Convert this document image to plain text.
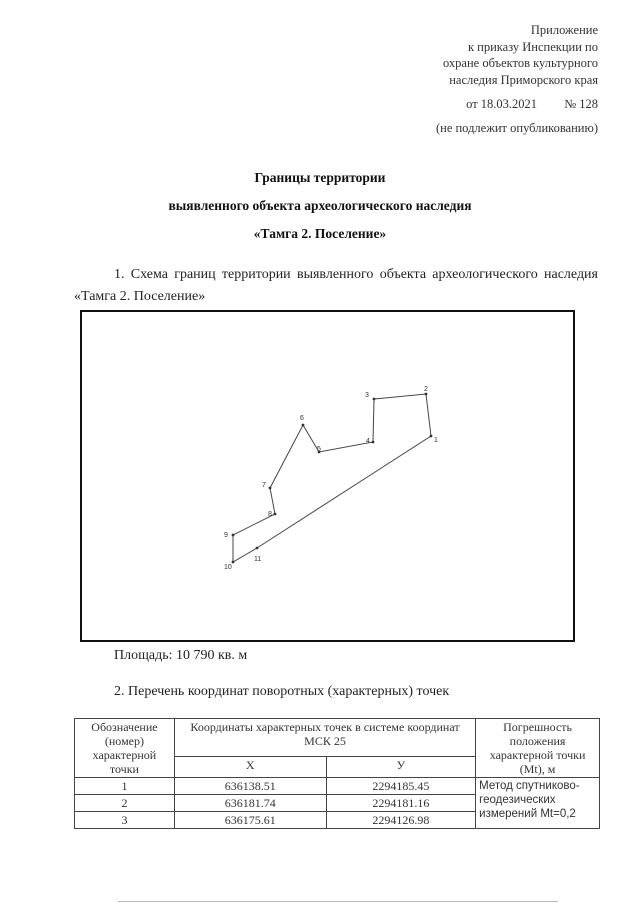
Приложение
к приказу Инспекции по
охране объектов культурного
наследия Приморского края
от 18.03.2021 № 128
(не подлежит опубликованию)
Границы территории
выявленного объекта археологического наследия
«Тамга 2. Поселение»
1. Схема границ территории выявленного объекта археологического наследия «Тамга 2. Поселение»
1
2
3
4
5
6
7
8
9
10
11
Площадь: 10 790 кв. м
2. Перечень координат поворотных (характерных) точек
Обозначение (номер) характерной точки	Координаты характерных точек в системе координат МСК 25		Погрешность положения характерной точки (Mt), м
	X	У	
1	636138.51	2294185.45	Метод спутниково-геодезических измерений Mt=0,2
2	636181.74	2294181.16	
3	636175.61	2294126.98	
